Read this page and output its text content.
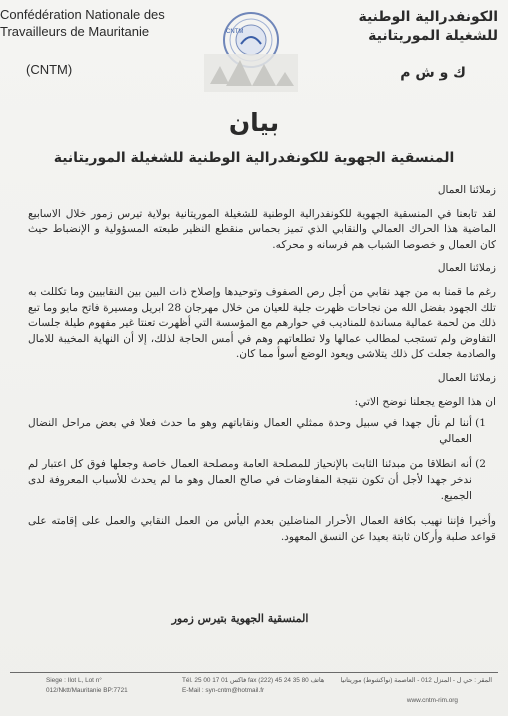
Confédération Nationale des
Travailleurs de Mauritanie
(CNTM)
CNTM
الكونفدرالية الوطنية
للشغيلة الموريتانية
ك و ش م
بيان
المنسقية الجهوية للكونفدرالية الوطنية للشغيلة الموريتانية

زملائنا العمال

لقد تابعنا في المنسقية الجهوية للكونفدرالية الوطنية للشغيلة الموريتانية بولاية تيرس زمور خلال الاسابيع الماضية هذا الحراك العمالي والنقابي الذي تميز بحماس منقطع النظير طبعته المسؤولية و الإنضباط حيث كان العمال و خصوصا الشباب هم فرسانه و محركه.

زملائنا العمال

رغم ما قمنا به من جهد نقابي من أجل رص الصفوف وتوحيدها وإصلاح ذات البين بين النقابيين وما تكللت به تلك الجهود بفضل الله من نجاحات ظهرت جلية للعيان من خلال مهرجان 28 ابريل ومسيرة فاتح مايو وما تبع ذلك من لحمة عمالية مساندة للمناديب في حوارهم مع المؤسسة التي أظهرت تعنتا غير مفهوم طيلة جلسات التفاوض ولم تستجب لمطالب عمالها ولا تطلعاتهم وهم في أمس الحاجة لذلك، إلا أن النهاية المخيبة للامال والصادمة جعلت كل ذلك يتلاشى ويعود الوضع أسوأ مما كان.

زملائنا العمال

ان هذا الوضع يجعلنا نوضح الاتي:

1)
أننا لم نأل جهدا في سبيل وحدة ممثلي العمال ونقاباتهم وهو ما حدث فعلا في بعض مراحل النضال العمالي
2)
أنه انطلاقا من مبدئنا الثابت بالإنحياز للمصلحة العامة ومصلحة العمال خاصة وجعلها فوق كل اعتبار لم ندخر جهدا لأجل أن تكون نتيجة المفاوضات في صالح العمال وهو ما لم يحدث للأسباب المعروفة لدى الجميع.

وأخيرا فإننا نهيب بكافة العمال الأحرار المناضلين بعدم اليأس من العمل النقابي والعمل على إقامته على قواعد صلبة وأركان ثابتة بعيدا عن النسق المعهود.

المنسقية الجهوية بتيرس زمور
Siege : Ilot L, Lot n°
012/Nktt/Mauritanie BP:7721
Tél. 25 00 17 01 فاكس fax (222) 45 24 35 80 هاتف
E-Mail : syn-cntm@hotmail.fr
المقر : حي ل - المنزل 012 - العاصمة (نواكشوط) موريتانيا
www.cntm-rim.org
